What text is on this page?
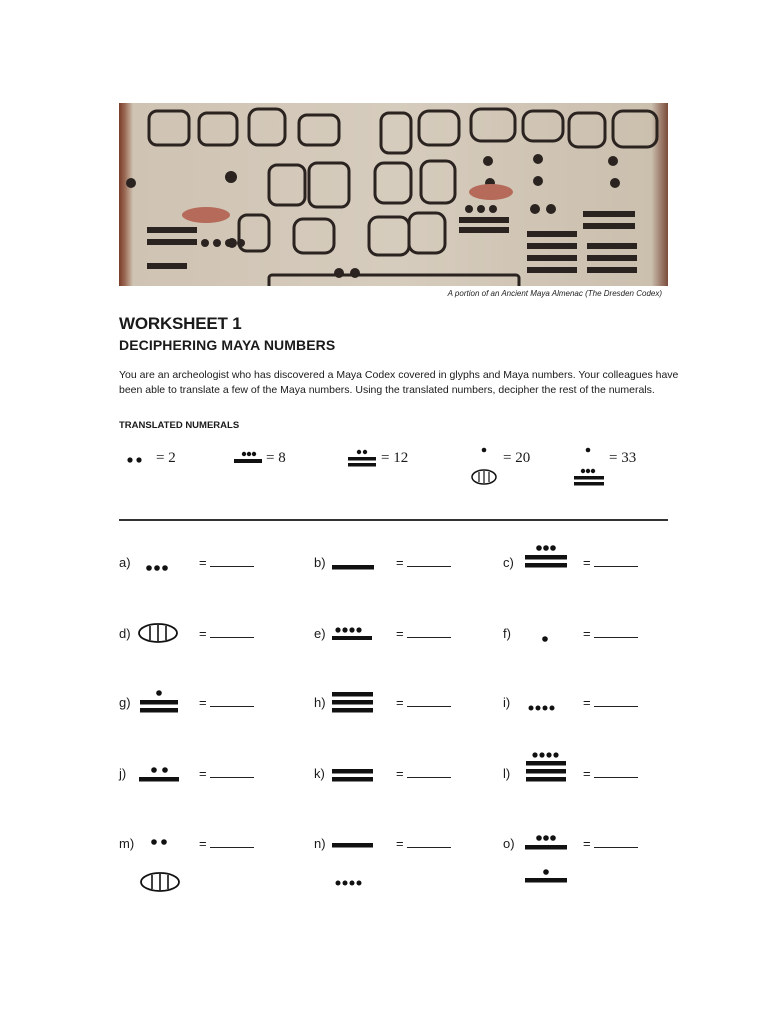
A portion of an Ancient Maya Almenac (The Dresden Codex)
WORKSHEET 1
DECIPHERING MAYA NUMBERS
You are an archeologist who has discovered a Maya Codex covered in glyphs and Maya numbers. Your colleagues have
been able to translate a few of the Maya numbers. Using the translated numbers, decipher the rest of the numerals.
TRANSLATED NUMERALS
= 2	= 8	= 12	= 20	= 33
a)	=	b)	=	c)	=
d)	=	e)	=	f)	=
g)	=	h)	=	i)	=
j)	=	k)	=	l)	=
m)	=	n)	=	o)	=
